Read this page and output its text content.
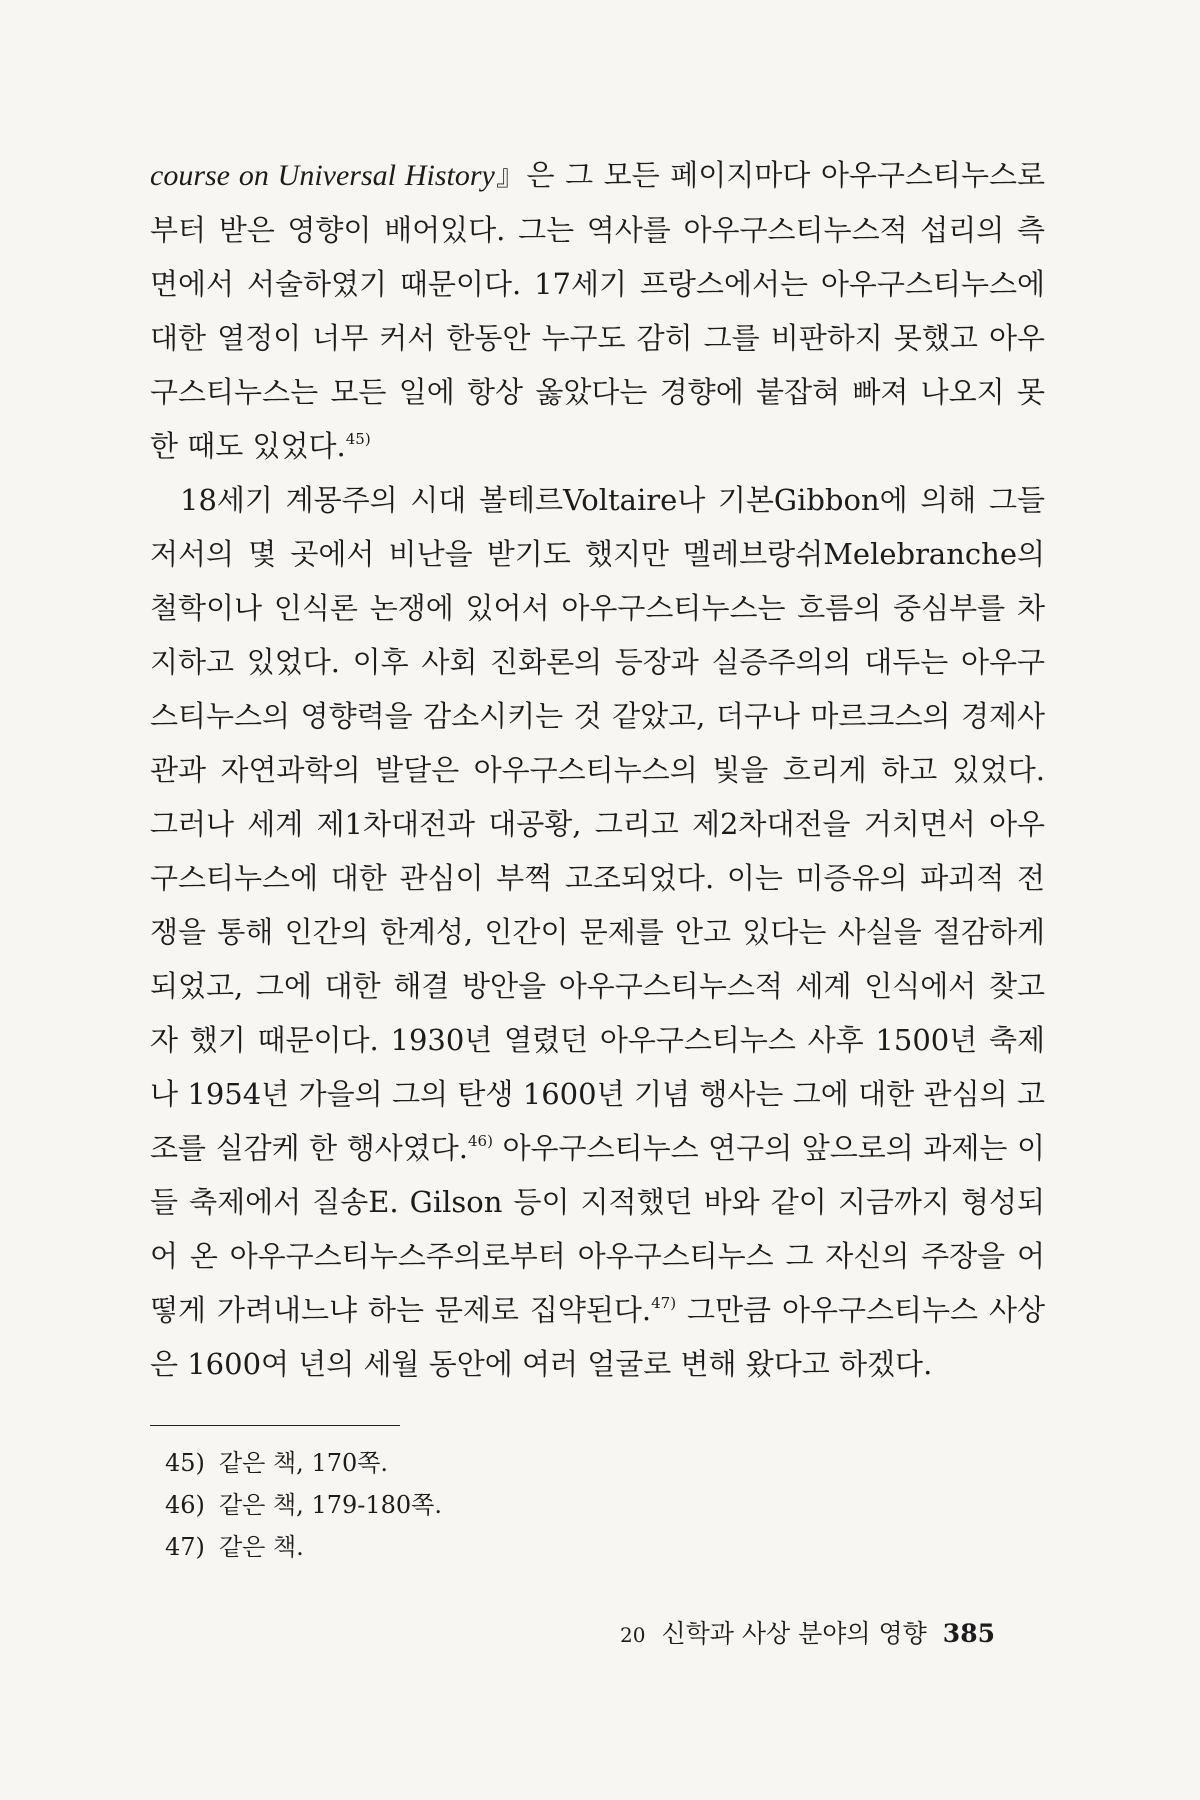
course on Universal History』은 그 모든 페이지마다 아우구스티누스로부터 받은 영향이 배어있다. 그는 역사를 아우구스티누스적 섭리의 측면에서 서술하였기 때문이다. 17세기 프랑스에서는 아우구스티누스에 대한 열정이 너무 커서 한동안 누구도 감히 그를 비판하지 못했고 아우구스티누스는 모든 일에 항상 옳았다는 경향에 붙잡혀 빠져 나오지 못한 때도 있었다.$^{45)}$

18세기 계몽주의 시대 볼테르Voltaire나 기본Gibbon에 의해 그들 저서의 몇 곳에서 비난을 받기도 했지만 멜레브랑쉬Melebranche의 철학이나 인식론 논쟁에 있어서 아우구스티누스는 흐름의 중심부를 차지하고 있었다. 이후 사회 진화론의 등장과 실증주의의 대두는 아우구스티누스의 영향력을 감소시키는 것 같았고, 더구나 마르크스의 경제사관과 자연과학의 발달은 아우구스티누스의 빛을 흐리게 하고 있었다. 그러나 세계 제1차대전과 대공황, 그리고 제2차대전을 거치면서 아우구스티누스에 대한 관심이 부쩍 고조되었다. 이는 미증유의 파괴적 전쟁을 통해 인간의 한계성, 인간이 문제를 안고 있다는 사실을 절감하게 되었고, 그에 대한 해결 방안을 아우구스티누스적 세계 인식에서 찾고자 했기 때문이다. 1930년 열렸던 아우구스티누스 사후 1500년 축제나 1954년 가을의 그의 탄생 1600년 기념 행사는 그에 대한 관심의 고조를 실감케 한 행사였다.$^{46)}$ 아우구스티누스 연구의 앞으로의 과제는 이들 축제에서 질송E. Gilson 등이 지적했던 바와 같이 지금까지 형성되어 온 아우구스티누스주의로부터 아우구스티누스 그 자신의 주장을 어떻게 가려내느냐 하는 문제로 집약된다.$^{47)}$ 그만큼 아우구스티누스 사상은 1600여 년의 세월 동안에 여러 얼굴로 변해 왔다고 하겠다.

45) 같은 책, 170쪽.
46) 같은 책, 179-180쪽.
47) 같은 책.
20 신학과 사상 분야의 영향 385
